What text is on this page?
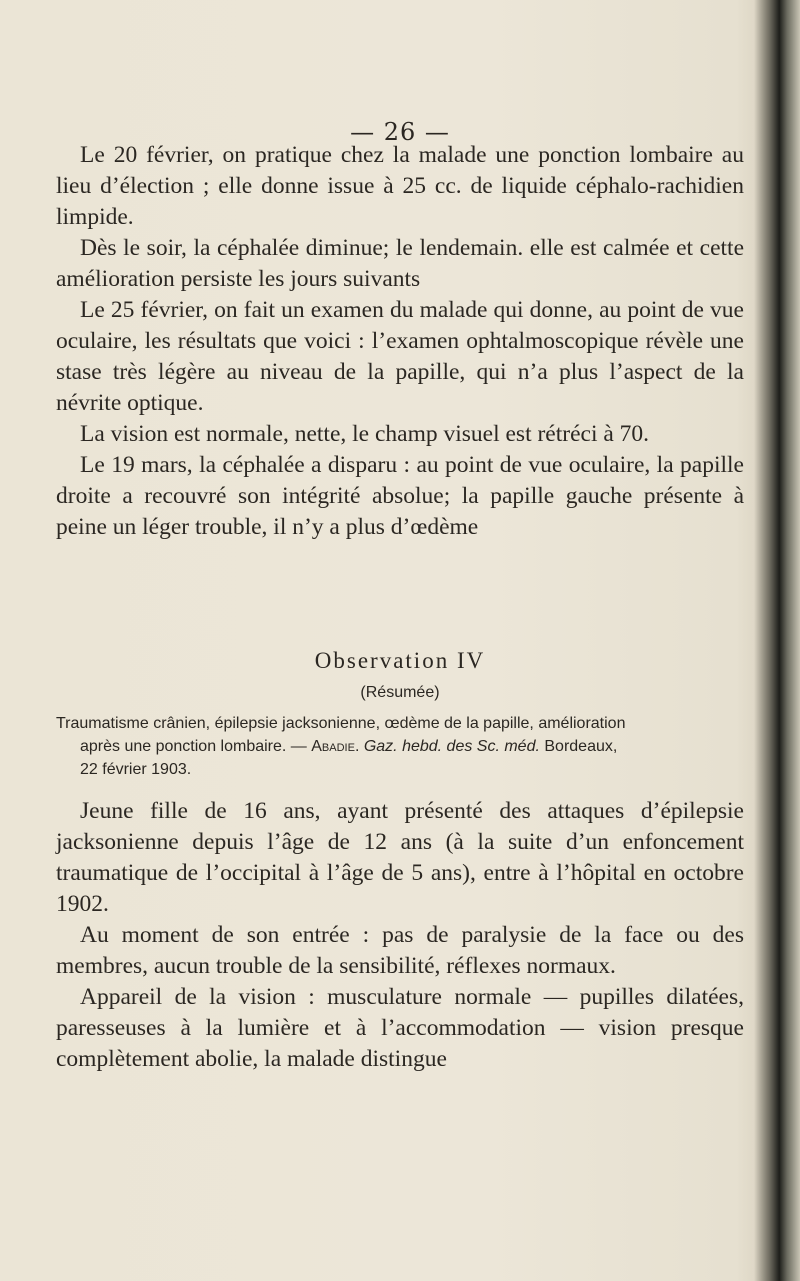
— 26 —

Le 20 février, on pratique chez la malade une ponction lombaire au lieu d’élection ; elle donne issue à 25 cc. de liquide céphalo-rachidien limpide.

Dès le soir, la céphalée diminue; le lendemain. elle est calmée et cette amélioration persiste les jours suivants

Le 25 février, on fait un examen du malade qui donne, au point de vue oculaire, les résultats que voici : l’examen ophtalmoscopique révèle une stase très légère au niveau de la papille, qui n’a plus l’aspect de la névrite optique.

La vision est normale, nette, le champ visuel est rétréci à 70.

Le 19 mars, la céphalée a disparu : au point de vue oculaire, la papille droite a recouvré son intégrité absolue; la papille gauche présente à peine un léger trouble, il n’y a plus d’œdème

Observation IV
(Résumée)
Traumatisme crânien, épilepsie jacksonienne, œdème de la papille, amélioration
après une ponction lombaire. — Abadie. Gaz. hebd. des Sc. méd. Bordeaux,
22 février 1903.

Jeune fille de 16 ans, ayant présenté des attaques d’épilepsie jacksonienne depuis l’âge de 12 ans (à la suite d’un enfoncement traumatique de l’occipital à l’âge de 5 ans), entre à l’hôpital en octobre 1902.

Au moment de son entrée : pas de paralysie de la face ou des membres, aucun trouble de la sensibilité, réflexes normaux.

Appareil de la vision : musculature normale — pupilles dilatées, paresseuses à la lumière et à l’accommodation — vision presque complètement abolie, la malade distingue
